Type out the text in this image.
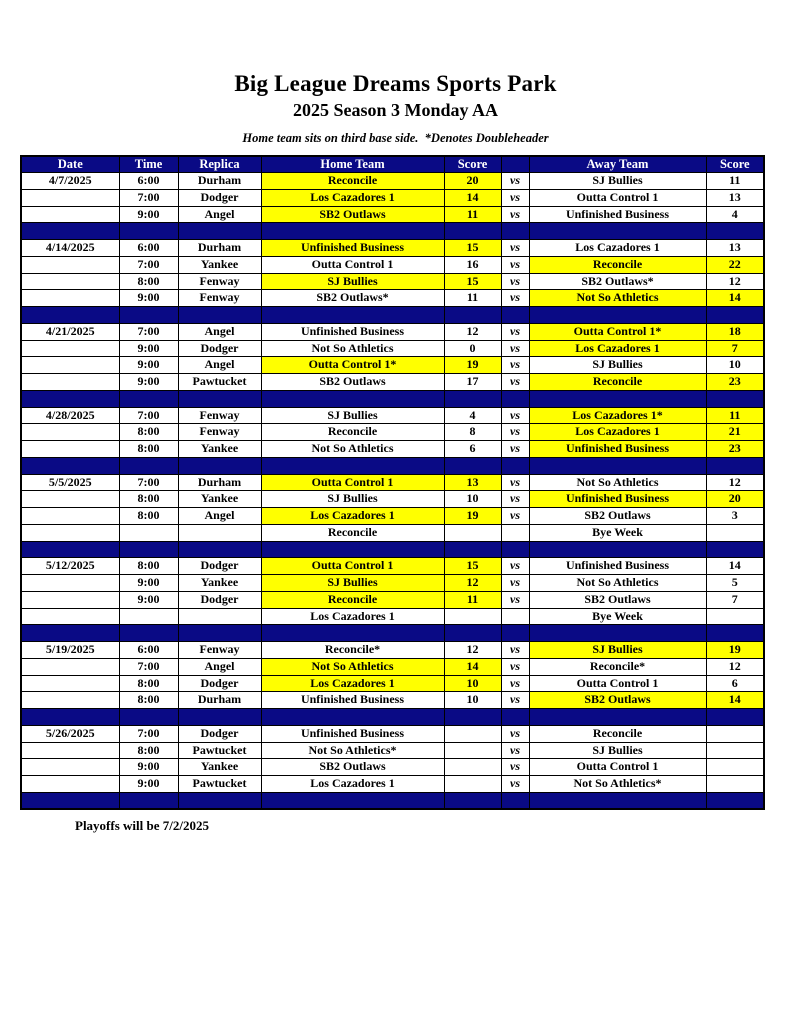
Big League Dreams Sports Park
2025 Season 3 Monday AA
Home team sits on third base side.  *Denotes Doubleheader
Date	Time	Replica	Home Team	Score		Away Team	Score
4/7/2025	6:00	Durham	Reconcile	20	vs	SJ Bullies	11
	7:00	Dodger	Los Cazadores 1	14	vs	Outta Control 1	13
	9:00	Angel	SB2 Outlaws	11	vs	Unfinished Business	4

4/14/2025	6:00	Durham	Unfinished Business	15	vs	Los Cazadores 1	13
	7:00	Yankee	Outta Control 1	16	vs	Reconcile	22
	8:00	Fenway	SJ Bullies	15	vs	SB2 Outlaws*	12
	9:00	Fenway	SB2 Outlaws*	11	vs	Not So Athletics	14

4/21/2025	7:00	Angel	Unfinished Business	12	vs	Outta Control 1*	18
	9:00	Dodger	Not So Athletics	0	vs	Los Cazadores 1	7
	9:00	Angel	Outta Control 1*	19	vs	SJ Bullies	10
	9:00	Pawtucket	SB2 Outlaws	17	vs	Reconcile	23

4/28/2025	7:00	Fenway	SJ Bullies	4	vs	Los Cazadores 1*	11
	8:00	Fenway	Reconcile	8	vs	Los Cazadores 1	21
	8:00	Yankee	Not So Athletics	6	vs	Unfinished Business	23

5/5/2025	7:00	Durham	Outta Control 1	13	vs	Not So Athletics	12
	8:00	Yankee	SJ Bullies	10	vs	Unfinished Business	20
	8:00	Angel	Los Cazadores 1	19	vs	SB2 Outlaws	3
			Reconcile			Bye Week	

5/12/2025	8:00	Dodger	Outta Control 1	15	vs	Unfinished Business	14
	9:00	Yankee	SJ Bullies	12	vs	Not So Athletics	5
	9:00	Dodger	Reconcile	11	vs	SB2 Outlaws	7
			Los Cazadores 1			Bye Week	

5/19/2025	6:00	Fenway	Reconcile*	12	vs	SJ Bullies	19
	7:00	Angel	Not So Athletics	14	vs	Reconcile*	12
	8:00	Dodger	Los Cazadores 1	10	vs	Outta Control 1	6
	8:00	Durham	Unfinished Business	10	vs	SB2 Outlaws	14

5/26/2025	7:00	Dodger	Unfinished Business		vs	Reconcile	
	8:00	Pawtucket	Not So Athletics*		vs	SJ Bullies	
	9:00	Yankee	SB2 Outlaws		vs	Outta Control 1	
	9:00	Pawtucket	Los Cazadores 1		vs	Not So Athletics*	

Playoffs will be 7/2/2025
